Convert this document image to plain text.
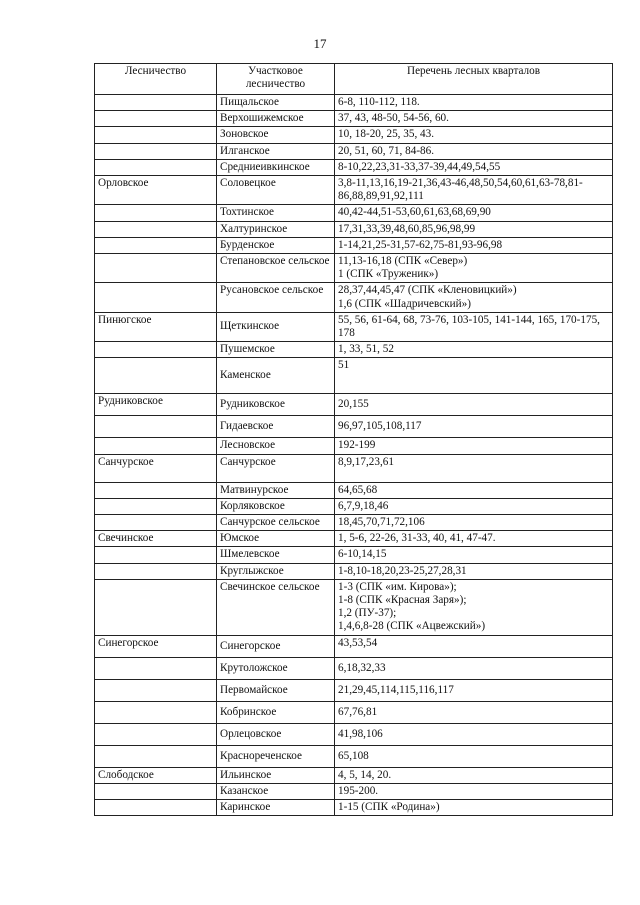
17
Лесничество	Участковое лесничество	Перечень лесных кварталов
	Пищальское	6-8, 110-112, 118.
	Верхошижемское	37, 43, 48-50, 54-56, 60.
	Зоновское	10, 18-20, 25, 35, 43.
	Илганское	20, 51, 60, 71, 84-86.
	Средниеивкинское	8-10,22,23,31-33,37-39,44,49,54,55
Орловское	Соловецкое	3,8-11,13,16,19-21,36,43-46,48,50,54,60,61,63-78,81-86,88,89,91,92,111
	Тохтинское	40,42-44,51-53,60,61,63,68,69,90
	Халтуринское	17,31,33,39,48,60,85,96,98,99
	Бурденское	1-14,21,25-31,57-62,75-81,93-96,98
	Степановское сельское	11,13-16,18 (СПК «Север»)
1 (СПК «Труженик»)
	Русановское сельское	28,37,44,45,47 (СПК «Кленовицкий»)
1,6 (СПК «Шадричевский»)
Пинюгское	Щеткинское	55, 56, 61-64, 68, 73-76, 103-105, 141-144, 165, 170-175, 178
	Пушемское	1, 33, 51, 52
	Каменское	51
Рудниковское	Рудниковское	20,155
	Гидаевское	96,97,105,108,117
	Лесновское	192-199
Санчурское	Санчурское	8,9,17,23,61
	Матвинурское	64,65,68
	Корляковское	6,7,9,18,46
	Санчурское сельское	18,45,70,71,72,106
Свечинское	Юмское	1, 5-6, 22-26, 31-33, 40, 41, 47-47.
	Шмелевское	6-10,14,15
	Круглыжское	1-8,10-18,20,23-25,27,28,31
	Свечинское сельское	1-3 (СПК «им. Кирова»);
1-8 (СПК «Красная Заря»);
1,2 (ПУ-37);
1,4,6,8-28 (СПК «Ацвежский»)
Синегорское	Синегорское	43,53,54
	Крутоложское	6,18,32,33
	Первомайское	21,29,45,114,115,116,117
	Кобринское	67,76,81
	Орлецовское	41,98,106
	Краснореченское	65,108
Слободское	Ильинское	4, 5, 14, 20.
	Казанское	195-200.
	Каринское	1-15 (СПК «Родина»)
